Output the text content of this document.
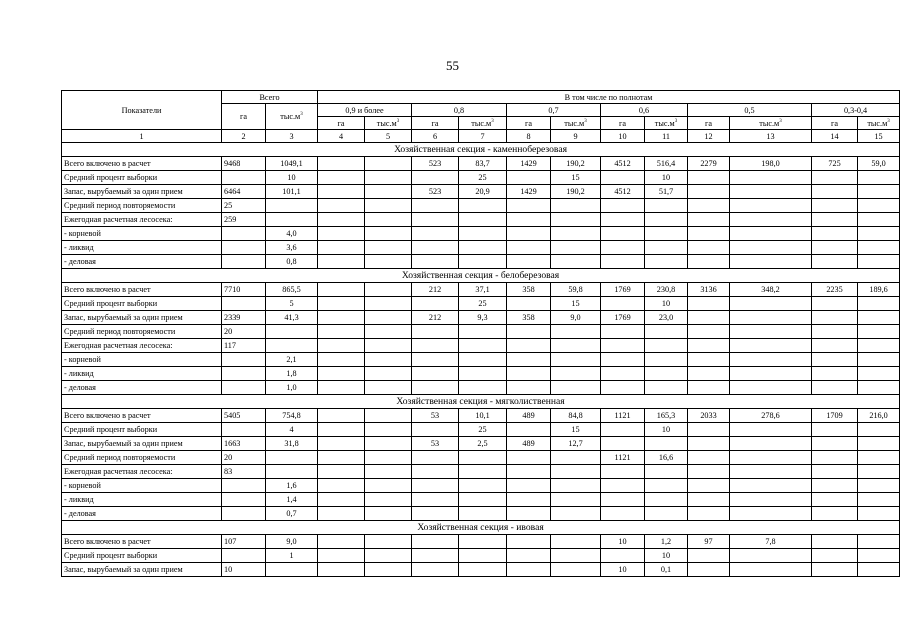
55
Показатели	Всего		В том числе по полнотам											
	га	$тыс.м^3$	0,9 и более		0,8		0,7		0,6		0,5		0,3-0,4	
			га	$тыс.м^3$	га	$тыс.м^3$	га	$тыс.м^3$	га	$тыс.м^3$	га	$тыс.м^3$	га	$тыс.м^3$
1	2	3	4	5	6	7	8	9	10	11	12	13	14	15
Хозяйственная секция - каменноберезовая														
Всего включено в расчет	9468	1049,1			523	83,7	1429	190,2	4512	516,4	2279	198,0	725	59,0
Средний процент выборки		10				25		15		10				
Запас, вырубаемый за один прием	6464	101,1			523	20,9	1429	190,2	4512	51,7				
Средний период повторяемости	25													
Ежегодная расчетная лесосека:	259													
- корневой		4,0												
- ликвид		3,6												
- деловая		0,8												
Хозяйственная секция - белоберезовая														
Всего включено в расчет	7710	865,5			212	37,1	358	59,8	1769	230,8	3136	348,2	2235	189,6
Средний процент выборки		5				25		15		10				
Запас, вырубаемый за один прием	2339	41,3			212	9,3	358	9,0	1769	23,0				
Средний период повторяемости	20													
Ежегодная расчетная лесосека:	117													
- корневой		2,1												
- ликвид		1,8												
- деловая		1,0												
Хозяйственная секция - мягколиственная														
Всего включено в расчет	5405	754,8			53	10,1	489	84,8	1121	165,3	2033	278,6	1709	216,0
Средний процент выборки		4				25		15		10				
Запас, вырубаемый за один прием	1663	31,8			53	2,5	489	12,7						
Средний период повторяемости	20								1121	16,6				
Ежегодная расчетная лесосека:	83													
- корневой		1,6												
- ликвид		1,4												
- деловая		0,7												
Хозяйственная секция - ивовая														
Всего включено в расчет	107	9,0							10	1,2	97	7,8		
Средний процент выборки		1								10				
Запас, вырубаемый за один прием	10								10	0,1				
